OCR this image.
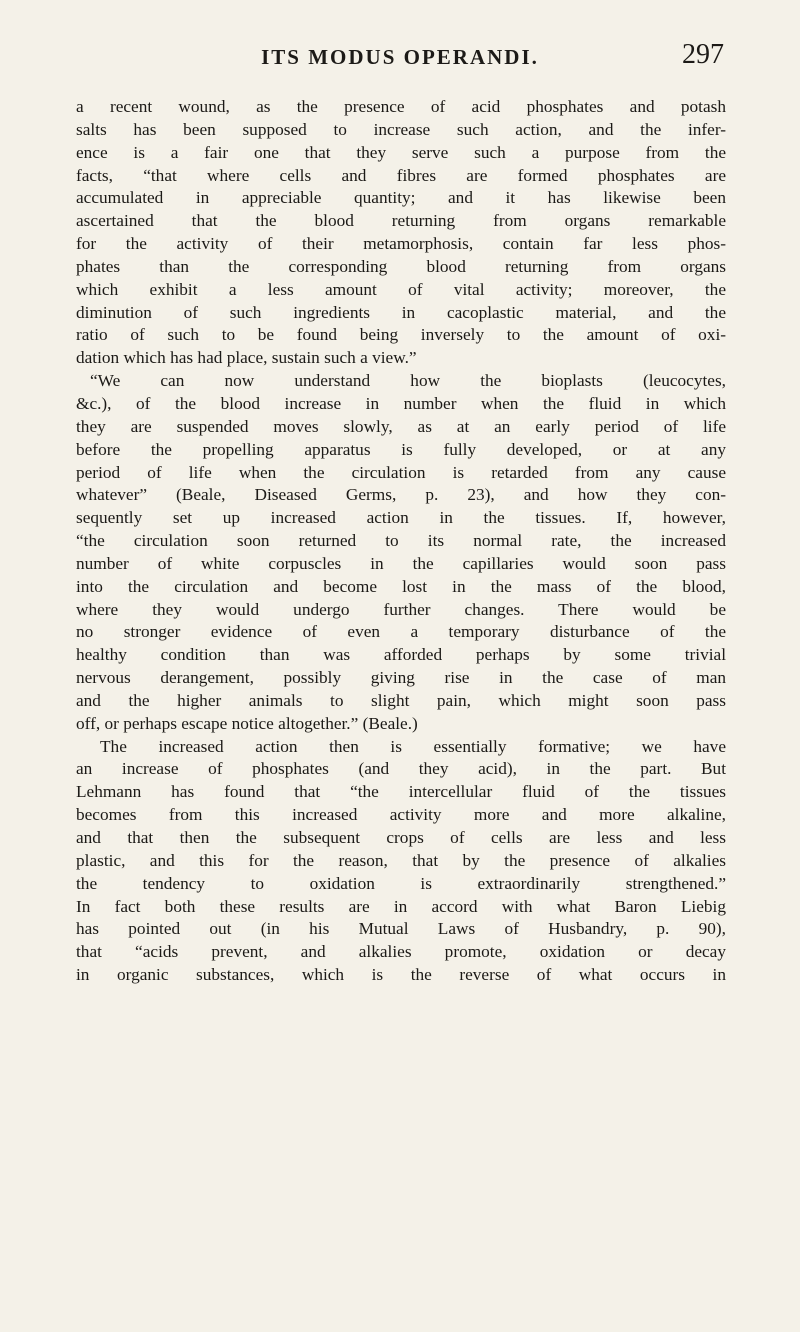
ITS MODUS OPERANDI.	297
a recent wound, as the presence of acid phosphates and potash
salts has been supposed to increase such action, and the infer-
ence is a fair one that they serve such a purpose from the
facts, “that where cells and fibres are formed phosphates are
accumulated in appreciable quantity; and it has likewise been
ascertained that the blood returning from organs remarkable
for the activity of their metamorphosis, contain far less phos-
phates than the corresponding blood returning from organs
which exhibit a less amount of vital activity; moreover, the
diminution of such ingredients in cacoplastic material, and the
ratio of such to be found being inversely to the amount of oxi-
dation which has had place, sustain such a view.”
“We can now understand how the bioplasts (leucocytes,
&c.), of the blood increase in number when the fluid in which
they are suspended moves slowly, as at an early period of life
before the propelling apparatus is fully developed, or at any
period of life when the circulation is retarded from any cause
whatever” (Beale, Diseased Germs, p. 23), and how they con-
sequently set up increased action in the tissues. If, however,
“the circulation soon returned to its normal rate, the increased
number of white corpuscles in the capillaries would soon pass
into the circulation and become lost in the mass of the blood,
where they would undergo further changes. There would be
no stronger evidence of even a temporary disturbance of the
healthy condition than was afforded perhaps by some trivial
nervous derangement, possibly giving rise in the case of man
and the higher animals to slight pain, which might soon pass
off, or perhaps escape notice altogether.” (Beale.)
The increased action then is essentially formative; we have
an increase of phosphates (and they acid), in the part. But
Lehmann has found that “the intercellular fluid of the tissues
becomes from this increased activity more and more alkaline,
and that then the subsequent crops of cells are less and less
plastic, and this for the reason, that by the presence of alkalies
the tendency to oxidation is extraordinarily strengthened.”
In fact both these results are in accord with what Baron Liebig
has pointed out (in his Mutual Laws of Husbandry, p. 90),
that “acids prevent, and alkalies promote, oxidation or decay
in organic substances, which is the reverse of what occurs in
